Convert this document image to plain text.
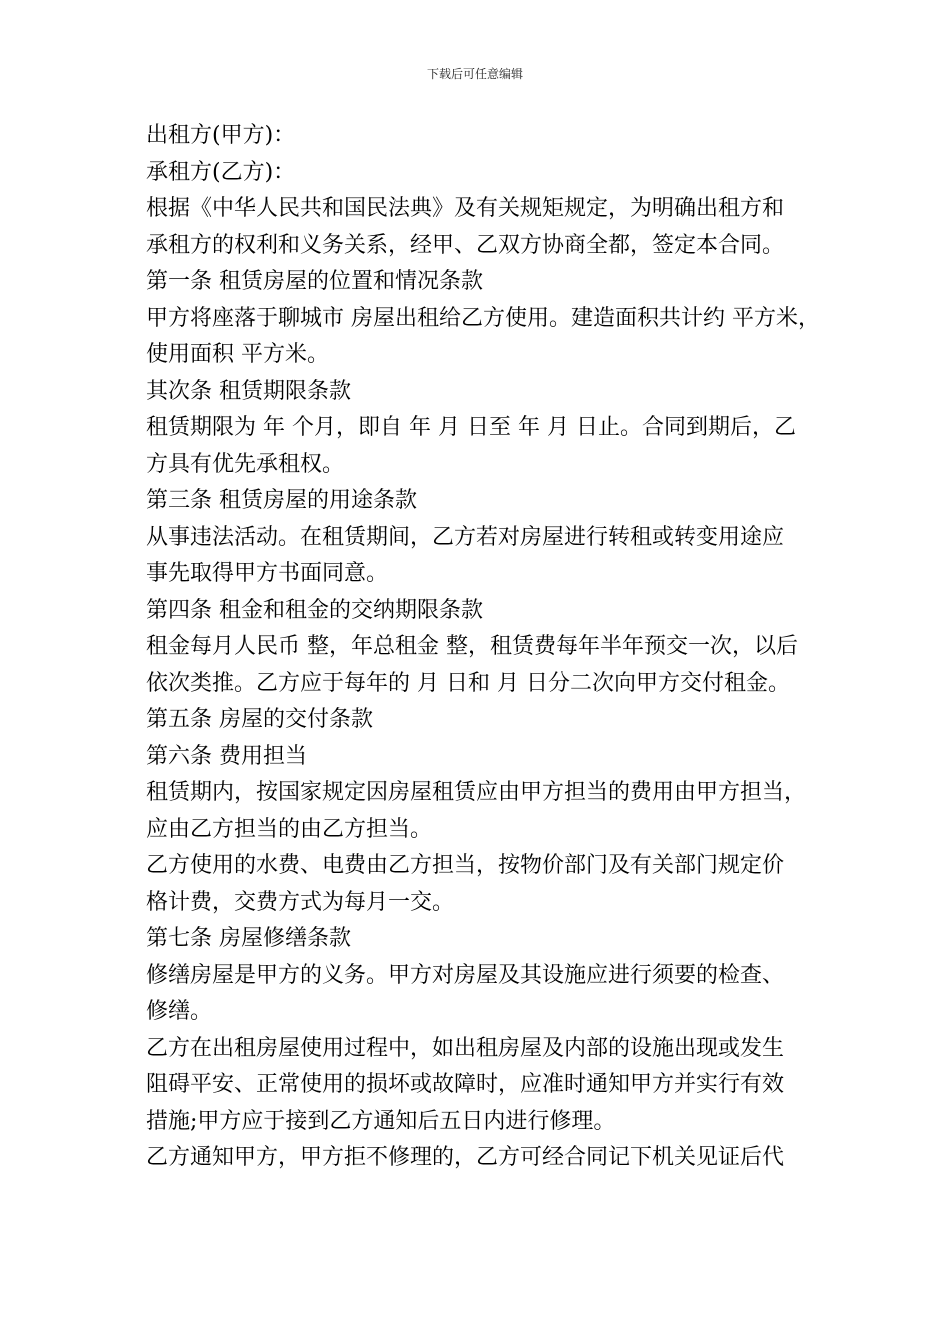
下载后可任意编辑
出租方(甲方)：
承租方(乙方)：
根据《中华人民共和国民法典》及有关规矩规定，为明确出租方和
承租方的权利和义务关系，经甲、乙双方协商全都，签定本合同。
第一条 租赁房屋的位置和情况条款
甲方将座落于聊城市 房屋出租给乙方使用。建造面积共计约 平方米，
使用面积 平方米。
其次条 租赁期限条款
租赁期限为 年 个月，即自 年 月 日至 年 月 日止。合同到期后，乙
方具有优先承租权。
第三条 租赁房屋的用途条款
从事违法活动。在租赁期间，乙方若对房屋进行转租或转变用途应
事先取得甲方书面同意。
第四条 租金和租金的交纳期限条款
租金每月人民币 整，年总租金 整，租赁费每年半年预交一次，以后
依次类推。乙方应于每年的 月 日和 月 日分二次向甲方交付租金。
第五条 房屋的交付条款
第六条 费用担当
租赁期内，按国家规定因房屋租赁应由甲方担当的费用由甲方担当，
应由乙方担当的由乙方担当。
乙方使用的水费、电费由乙方担当，按物价部门及有关部门规定价
格计费，交费方式为每月一交。
第七条 房屋修缮条款
修缮房屋是甲方的义务。甲方对房屋及其设施应进行须要的检查、
修缮。
乙方在出租房屋使用过程中，如出租房屋及内部的设施出现或发生
阻碍平安、正常使用的损坏或故障时，应准时通知甲方并实行有效
措施;甲方应于接到乙方通知后五日内进行修理。
乙方通知甲方，甲方拒不修理的，乙方可经合同记下机关见证后代
